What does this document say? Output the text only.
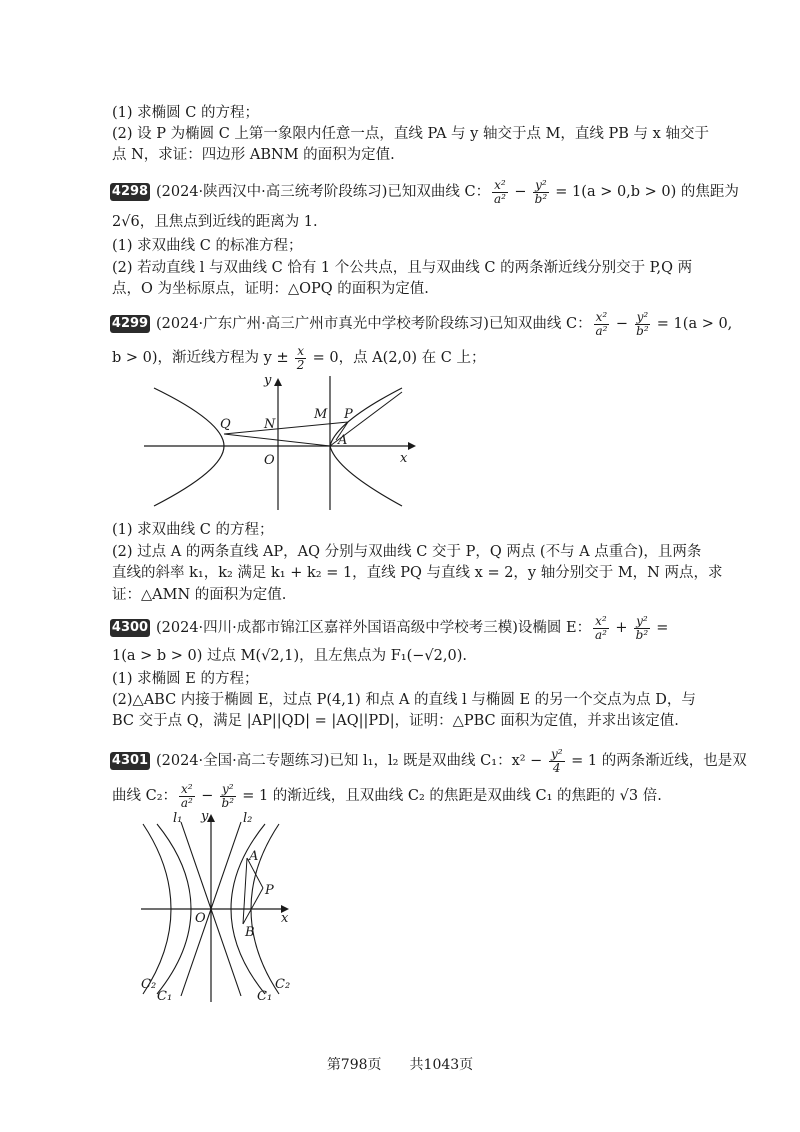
(1) 求椭圆 C 的方程；
(2) 设 P 为椭圆 C 上第一象限内任意一点，直线 PA 与 y 轴交于点 M，直线 PB 与 x 轴交于
点 N，求证：四边形 ABNM 的面积为定值.
4298 (2024·陕西汉中·高三统考阶段练习)已知双曲线 C： $\frac{\text{x²}}{\text{a²}} - \frac{\text{y²}}{\text{b²}} = 1(a > 0,b > 0)$ 的焦距为
2√6，且焦点到近线的距离为 1.
(1) 求双曲线 C 的标准方程；
(2) 若动直线 l 与双曲线 C 恰有 1 个公共点，且与双曲线 C 的两条渐近线分别交于 P,Q 两
点，O 为坐标原点，证明：△OPQ 的面积为定值.
4299 (2024·广东广州·高三广州市真光中学校考阶段练习)已知双曲线 C： $\frac{\text{x²}}{\text{a²}} - \frac{\text{y²}}{\text{b²}} = 1(a > 0$,
b > 0)，渐近线方程为 $y \pm \frac{x}{2} = 0$，点 A(2,0) 在 C 上；
y
x
O
Q	N
M P
A
(1) 求双曲线 C 的方程；
(2) 过点 A 的两条直线 AP，AQ 分别与双曲线 C 交于 P，Q 两点 (不与 A 点重合)，且两条
直线的斜率 k₁，k₂ 满足 k₁ + k₂ = 1，直线 PQ 与直线 x = 2，y 轴分别交于 M，N 两点，求
证：△AMN 的面积为定值.
4300 (2024·四川·成都市锦江区嘉祥外国语高级中学校考三模)设椭圆 E： $\frac{\text{x²}}{\text{a²}} + \frac{\text{y²}}{\text{b²}}$ =
1(a > b > 0) 过点 M(√2,1)，且左焦点为 F₁(−√2,0).
(1) 求椭圆 E 的方程；
(2)△ABC 内接于椭圆 E，过点 P(4,1) 和点 A 的直线 l 与椭圆 E 的另一个交点为点 D，与
BC 交于点 Q，满足 |AP||QD| = |AQ||PD|，证明：△PBC 面积为定值，并求出该定值.
4301 (2024·全国·高二专题练习)已知 l₁，l₂ 既是双曲线 C₁：$x^2 - \frac{\text{y²}}{4} = 1$ 的两条渐近线，也是双
曲线 C₂： $\frac{\text{x²}}{\text{a²}} - \frac{\text{y²}}{\text{b²}} = 1$ 的渐近线，且双曲线 C₂ 的焦距是双曲线 C₁ 的焦距的 √3 倍.
l₁	l₂
y
x
O
A
P
B
C₂
C₁	C₁
C₂
第798页　　共1043页
